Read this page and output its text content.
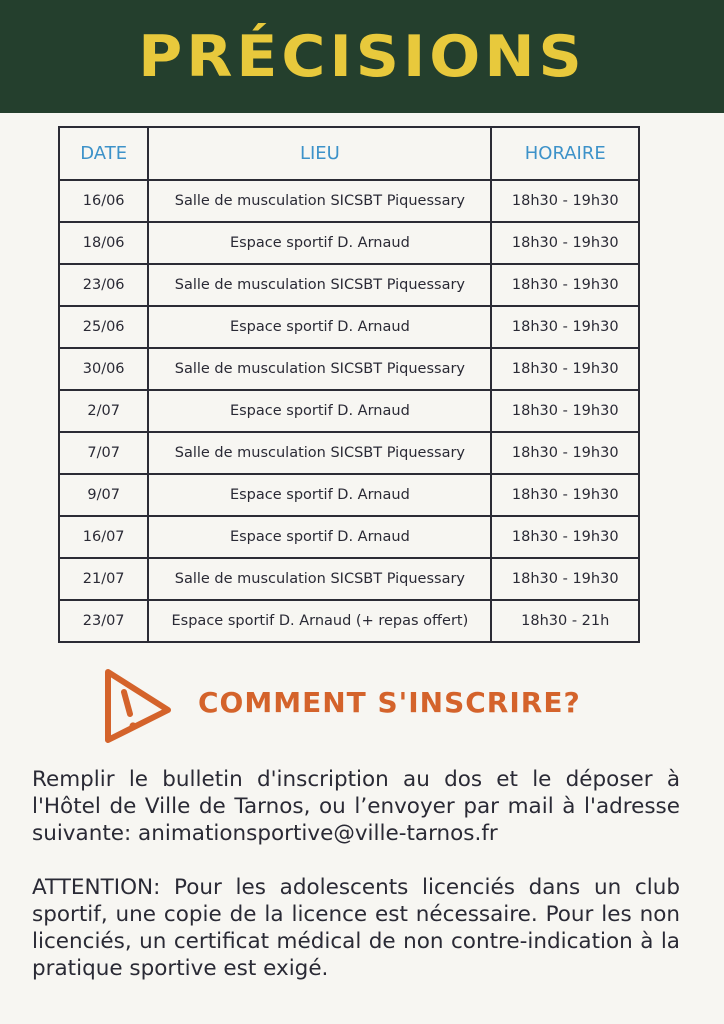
PRÉCISIONS
DATE	LIEU	HORAIRE
16/06	Salle de musculation SICSBT Piquessary	18h30 - 19h30
18/06	Espace sportif D. Arnaud	18h30 - 19h30
23/06	Salle de musculation SICSBT Piquessary	18h30 - 19h30
25/06	Espace sportif D. Arnaud	18h30 - 19h30
30/06	Salle de musculation SICSBT Piquessary	18h30 - 19h30
2/07	Espace sportif D. Arnaud	18h30 - 19h30
7/07	Salle de musculation SICSBT Piquessary	18h30 - 19h30
9/07	Espace sportif D. Arnaud	18h30 - 19h30
16/07	Espace sportif D. Arnaud	18h30 - 19h30
21/07	Salle de musculation SICSBT Piquessary	18h30 - 19h30
23/07	Espace sportif D. Arnaud (+ repas offert)	18h30 - 21h
COMMENT S'INSCRIRE?

Remplir le bulletin d'inscription au dos et le déposer à l'Hôtel de Ville de Tarnos, ou l’envoyer par mail à l'adresse suivante: animationsportive@ville-tarnos.fr

ATTENTION: Pour les adolescents licenciés dans un club sportif, une copie de la licence est nécessaire. Pour les non licenciés, un certificat médical de non contre-indication à la pratique sportive est exigé.
